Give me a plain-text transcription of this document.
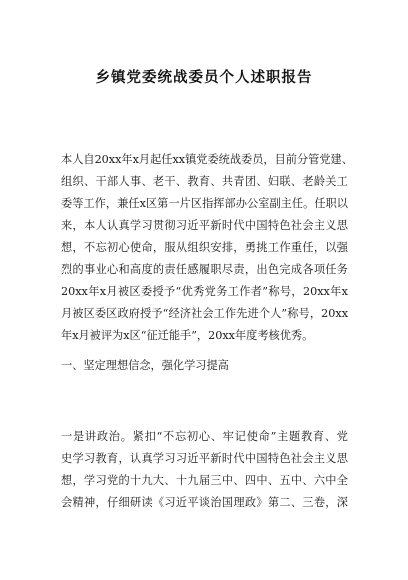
乡镇党委统战委员个人述职报告
本人自20xx年x月起任xx镇党委统战委员，目前分管党建、
组织、干部人事、老干、教育、共青团、妇联、老龄关工
委等工作，兼任x区第一片区指挥部办公室副主任。任职以
来，本人认真学习贯彻习近平新时代中国特色社会主义思
想，不忘初心使命，服从组织安排，勇挑工作重任，以强
烈的事业心和高度的责任感履职尽责，出色完成各项任务
20xx年x月被区委授予“优秀党务工作者”称号，20xx年x
月被区委区政府授予“经济社会工作先进个人”称号，20xx
年x月被评为x区“征迁能手”，20xx年度考核优秀。

一、坚定理想信念，强化学习提高

一是讲政治。紧扣“不忘初心、牢记使命”主题教育、党
史学习教育，认真学习习近平新时代中国特色社会主义思
想，学习党的十九大、十九届三中、四中、五中、六中全
会精神，仔细研读《习近平谈治国理政》第二、三卷，深
